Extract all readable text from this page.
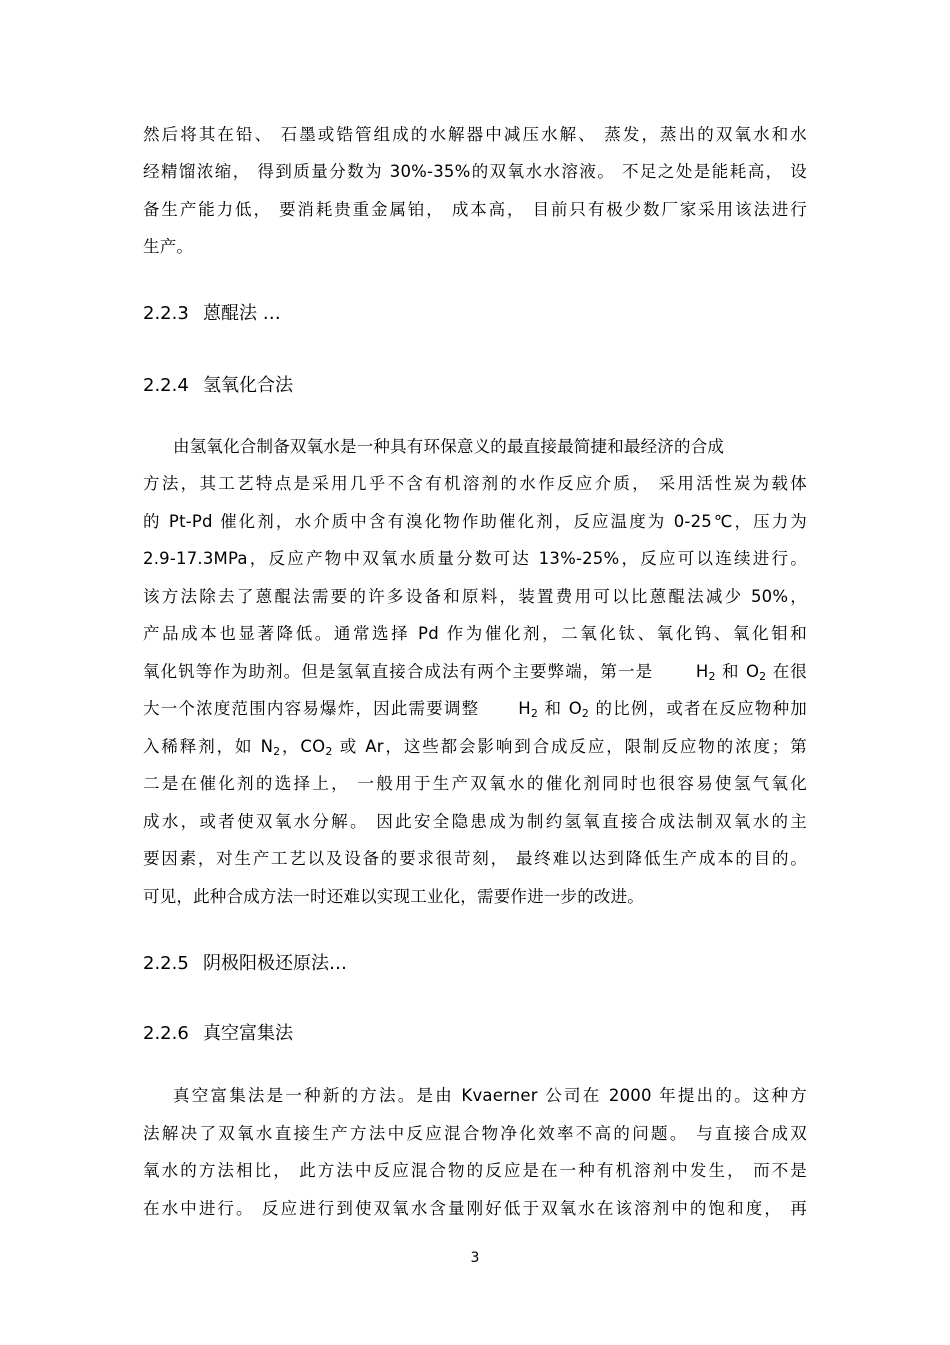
然后将其在铅、 石墨或锆管组成的水解器中减压水解、 蒸发，蒸出的双氧水和水
经精馏浓缩， 得到质量分数为 30%-35%的双氧水水溶液。 不足之处是能耗高， 设
备生产能力低， 要消耗贵重金属铂， 成本高， 目前只有极少数厂家采用该法进行
生产。
2.2.3 蒽醌法 …
2.2.4 氢氧化合法
由氢氧化合制备双氧水是一种具有环保意义的最直接最简捷和最经济的合成
方法，其工艺特点是采用几乎不含有机溶剂的水作反应介质， 采用活性炭为载体
的 Pt-Pd 催化剂，水介质中含有溴化物作助催化剂，反应温度为 0-25℃，压力为
2.9-17.3MPa，反应产物中双氧水质量分数可达 13%-25%，反应可以连续进行。
该方法除去了蒽醌法需要的许多设备和原料，装置费用可以比蒽醌法减少 50%，
产品成本也显著降低。通常选择 Pd 作为催化剂，二氧化钛、氧化钨、氧化钼和
氧化钒等作为助剂。但是氢氧直接合成法有两个主要弊端，第一是	$H_2$ 和 $O_2$ 在很
大一个浓度范围内容易爆炸，因此需要调整 $H_2$ 和 $O_2$ 的比例，或者在反应物种加
入稀释剂，如 $N_2$，$CO_2$ 或 Ar，这些都会影响到合成反应，限制反应物的浓度；第
二是在催化剂的选择上， 一般用于生产双氧水的催化剂同时也很容易使氢气氧化
成水，或者使双氧水分解。 因此安全隐患成为制约氢氧直接合成法制双氧水的主
要因素，对生产工艺以及设备的要求很苛刻， 最终难以达到降低生产成本的目的。
可见，此种合成方法一时还难以实现工业化，需要作进一步的改进。
2.2.5 阴极阳极还原法…
2.2.6 真空富集法
真空富集法是一种新的方法。是由 Kvaerner 公司在 2000 年提出的。这种方
法解决了双氧水直接生产方法中反应混合物净化效率不高的问题。 与直接合成双
氧水的方法相比， 此方法中反应混合物的反应是在一种有机溶剂中发生， 而不是
在水中进行。 反应进行到使双氧水含量刚好低于双氧水在该溶剂中的饱和度， 再
3
